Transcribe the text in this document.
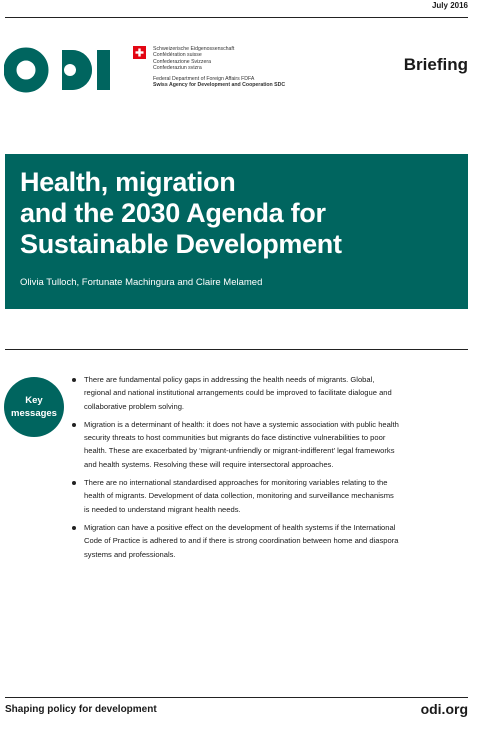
July 2016
Schweizerische Eidgenossenschaft
Confédération suisse
Confederazione Svizzera
Confederaziun svizra
Federal Department of Foreign Affairs FDFA
Swiss Agency for Development and Cooperation SDC
Briefing
Health, migration
and the 2030 Agenda for
Sustainable Development
Olivia Tulloch, Fortunate Machingura and Claire Melamed
Key
messages
There are fundamental policy gaps in addressing the health needs of migrants. Global, regional and national institutional arrangements could be improved to facilitate dialogue and collaborative problem solving.
Migration is a determinant of health: it does not have a systemic association with public health security threats to host communities but migrants do face distinctive vulnerabilities to poor health. These are exacerbated by ‘migrant-unfriendly or migrant-indifferent’ legal frameworks and health systems. Resolving these will require intersectoral approaches.
There are no international standardised approaches for monitoring variables relating to the health of migrants. Development of data collection, monitoring and surveillance mechanisms is needed to understand migrant health needs.
Migration can have a positive effect on the development of health systems if the International Code of Practice is adhered to and if there is strong coordination between home and diaspora systems and professionals.
Shaping policy for development	odi.org
